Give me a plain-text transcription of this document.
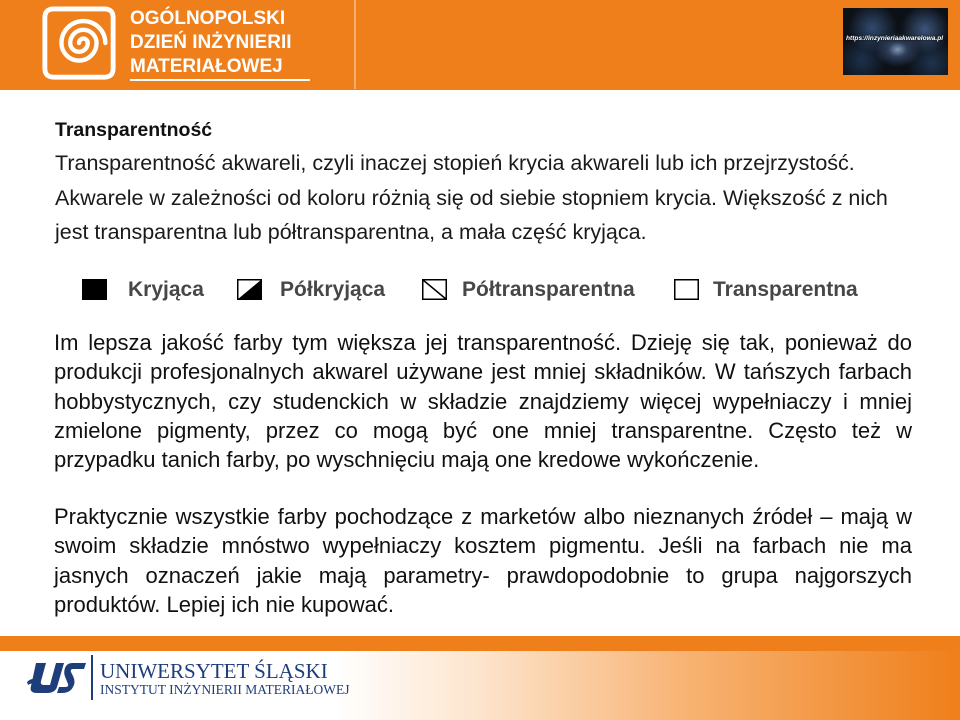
OGÓLNOPOLSKI
DZIEŃ INŻYNIERII
MATERIAŁOWEJ
https://inzynieriaakwarelowa.pl
Transparentność
Transparentność akwareli, czyli inaczej stopień krycia akwareli lub ich przejrzystość.
Akwarele w zależności od koloru różnią się od siebie stopniem krycia. Większość z nich
jest transparentna lub półtransparentna, a mała część kryjąca.
Kryjąca	Półkryjąca	Półtransparentna	Transparentna
Im lepsza jakość farby tym większa jej transparentność. Dzieję się tak, ponieważ do
produkcji profesjonalnych akwarel używane jest mniej składników. W tańszych farbach
hobbystycznych, czy studenckich w składzie znajdziemy więcej wypełniaczy i mniej
zmielone pigmenty, przez co mogą być one mniej transparentne. Często też w
przypadku tanich farby, po wyschnięciu mają one kredowe wykończenie.
Praktycznie wszystkie farby pochodzące z marketów albo nieznanych źródeł – mają w
swoim składzie mnóstwo wypełniaczy kosztem pigmentu. Jeśli na farbach nie ma
jasnych oznaczeń jakie mają parametry- prawdopodobnie to grupa najgorszych
produktów. Lepiej ich nie kupować.
UNIWERSYTET ŚLĄSKI
INSTYTUT INŻYNIERII MATERIAŁOWEJ
